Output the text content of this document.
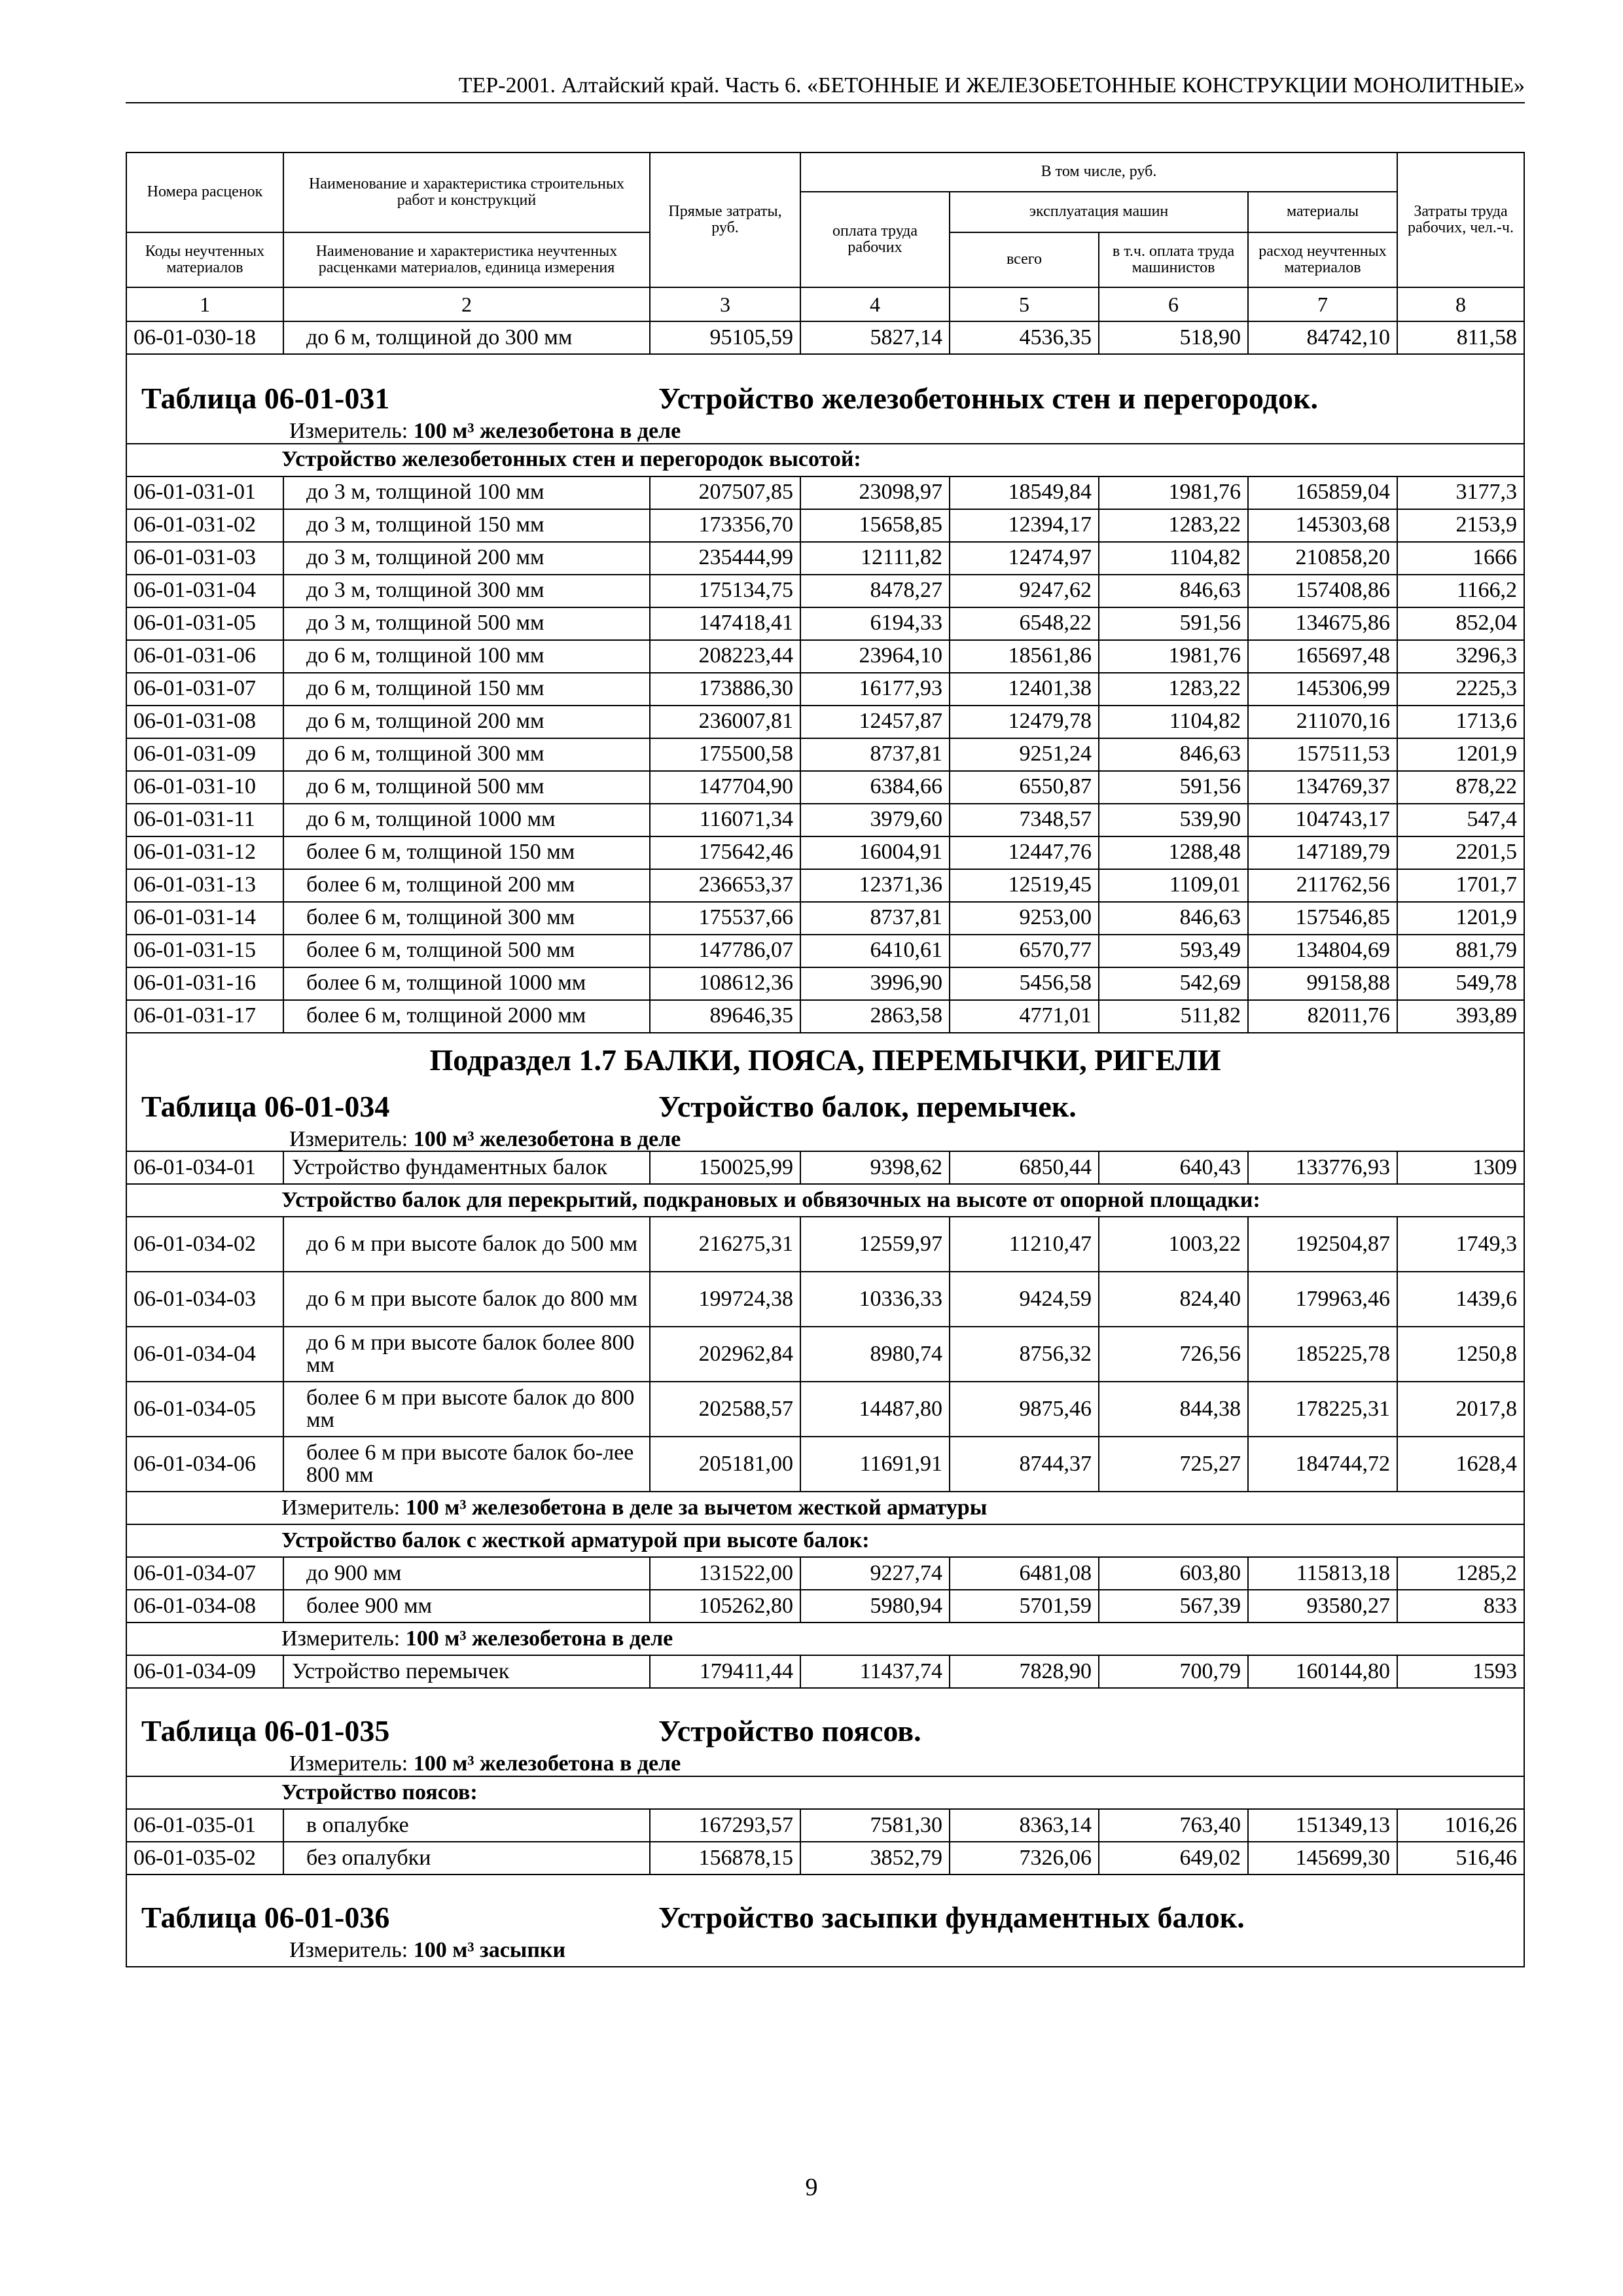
ТЕР-2001. Алтайский край. Часть 6. «БЕТОННЫЕ И ЖЕЛЕЗОБЕТОННЫЕ КОНСТРУКЦИИ МОНОЛИТНЫЕ»
Номера расценок	Наименование и характеристика строительных работ и конструкций	Прямые затраты, руб.	В том числе, руб.				Затраты труда рабочих, чел.-ч.
			оплата труда рабочих	эксплуатация машин		материалы	
Коды неучтенных материалов	Наименование и характеристика неучтенных расценками материалов, единица измерения			всего	в т.ч. оплата труда машинистов	расход неучтенных материалов	
1	2	3	4	5	6	7	8
06-01-030-18	до 6 м, толщиной до 300 мм	95105,59	5827,14	4536,35	518,90	84742,10	811,58

Таблица 06-01-031 Устройство железобетонных стен и перегородок.
Измеритель: 100 м³ железобетона в деле							

Устройство железобетонных стен и перегородок высотой:							
06-01-031-01	до 3 м, толщиной 100 мм	207507,85	23098,97	18549,84	1981,76	165859,04	3177,3
06-01-031-02	до 3 м, толщиной 150 мм	173356,70	15658,85	12394,17	1283,22	145303,68	2153,9
06-01-031-03	до 3 м, толщиной 200 мм	235444,99	12111,82	12474,97	1104,82	210858,20	1666
06-01-031-04	до 3 м, толщиной 300 мм	175134,75	8478,27	9247,62	846,63	157408,86	1166,2
06-01-031-05	до 3 м, толщиной 500 мм	147418,41	6194,33	6548,22	591,56	134675,86	852,04
06-01-031-06	до 6 м, толщиной 100 мм	208223,44	23964,10	18561,86	1981,76	165697,48	3296,3
06-01-031-07	до 6 м, толщиной 150 мм	173886,30	16177,93	12401,38	1283,22	145306,99	2225,3
06-01-031-08	до 6 м, толщиной 200 мм	236007,81	12457,87	12479,78	1104,82	211070,16	1713,6
06-01-031-09	до 6 м, толщиной 300 мм	175500,58	8737,81	9251,24	846,63	157511,53	1201,9
06-01-031-10	до 6 м, толщиной 500 мм	147704,90	6384,66	6550,87	591,56	134769,37	878,22
06-01-031-11	до 6 м, толщиной 1000 мм	116071,34	3979,60	7348,57	539,90	104743,17	547,4
06-01-031-12	более 6 м, толщиной 150 мм	175642,46	16004,91	12447,76	1288,48	147189,79	2201,5
06-01-031-13	более 6 м, толщиной 200 мм	236653,37	12371,36	12519,45	1109,01	211762,56	1701,7
06-01-031-14	более 6 м, толщиной 300 мм	175537,66	8737,81	9253,00	846,63	157546,85	1201,9
06-01-031-15	более 6 м, толщиной 500 мм	147786,07	6410,61	6570,77	593,49	134804,69	881,79
06-01-031-16	более 6 м, толщиной 1000 мм	108612,36	3996,90	5456,58	542,69	99158,88	549,78
06-01-031-17	более 6 м, толщиной 2000 мм	89646,35	2863,58	4771,01	511,82	82011,76	393,89

Подраздел 1.7 БАЛКИ, ПОЯСА, ПЕРЕМЫЧКИ, РИГЕЛИ
Таблица 06-01-034 Устройство балок, перемычек.
Измеритель: 100 м³ железобетона в деле							

06-01-034-01	Устройство фундаментных балок	150025,99	9398,62	6850,44	640,43	133776,93	1309
Устройство балок для перекрытий, подкрановых и обвязочных на высоте от опорной площадки:							
06-01-034-02	до 6 м при высоте балок до 500 мм	216275,31	12559,97	11210,47	1003,22	192504,87	1749,3
06-01-034-03	до 6 м при высоте балок до 800 мм	199724,38	10336,33	9424,59	824,40	179963,46	1439,6
06-01-034-04	до 6 м при высоте балок более 800 мм	202962,84	8980,74	8756,32	726,56	185225,78	1250,8
06-01-034-05	более 6 м при высоте балок до 800 мм	202588,57	14487,80	9875,46	844,38	178225,31	2017,8
06-01-034-06	более 6 м при высоте балок бо-лее 800 мм	205181,00	11691,91	8744,37	725,27	184744,72	1628,4
Измеритель: 100 м³ железобетона в деле за вычетом жесткой арматуры							
Устройство балок с жесткой арматурой при высоте балок:							
06-01-034-07	до 900 мм	131522,00	9227,74	6481,08	603,80	115813,18	1285,2
06-01-034-08	более 900 мм	105262,80	5980,94	5701,59	567,39	93580,27	833
Измеритель: 100 м³ железобетона в деле							
06-01-034-09	Устройство перемычек	179411,44	11437,74	7828,90	700,79	160144,80	1593

Таблица 06-01-035 Устройство поясов.
Измеритель: 100 м³ железобетона в деле							

Устройство поясов:							
06-01-035-01	в опалубке	167293,57	7581,30	8363,14	763,40	151349,13	1016,26
06-01-035-02	без опалубки	156878,15	3852,79	7326,06	649,02	145699,30	516,46

Таблица 06-01-036 Устройство засыпки фундаментных балок.
Измеритель: 100 м³ засыпки							
9
